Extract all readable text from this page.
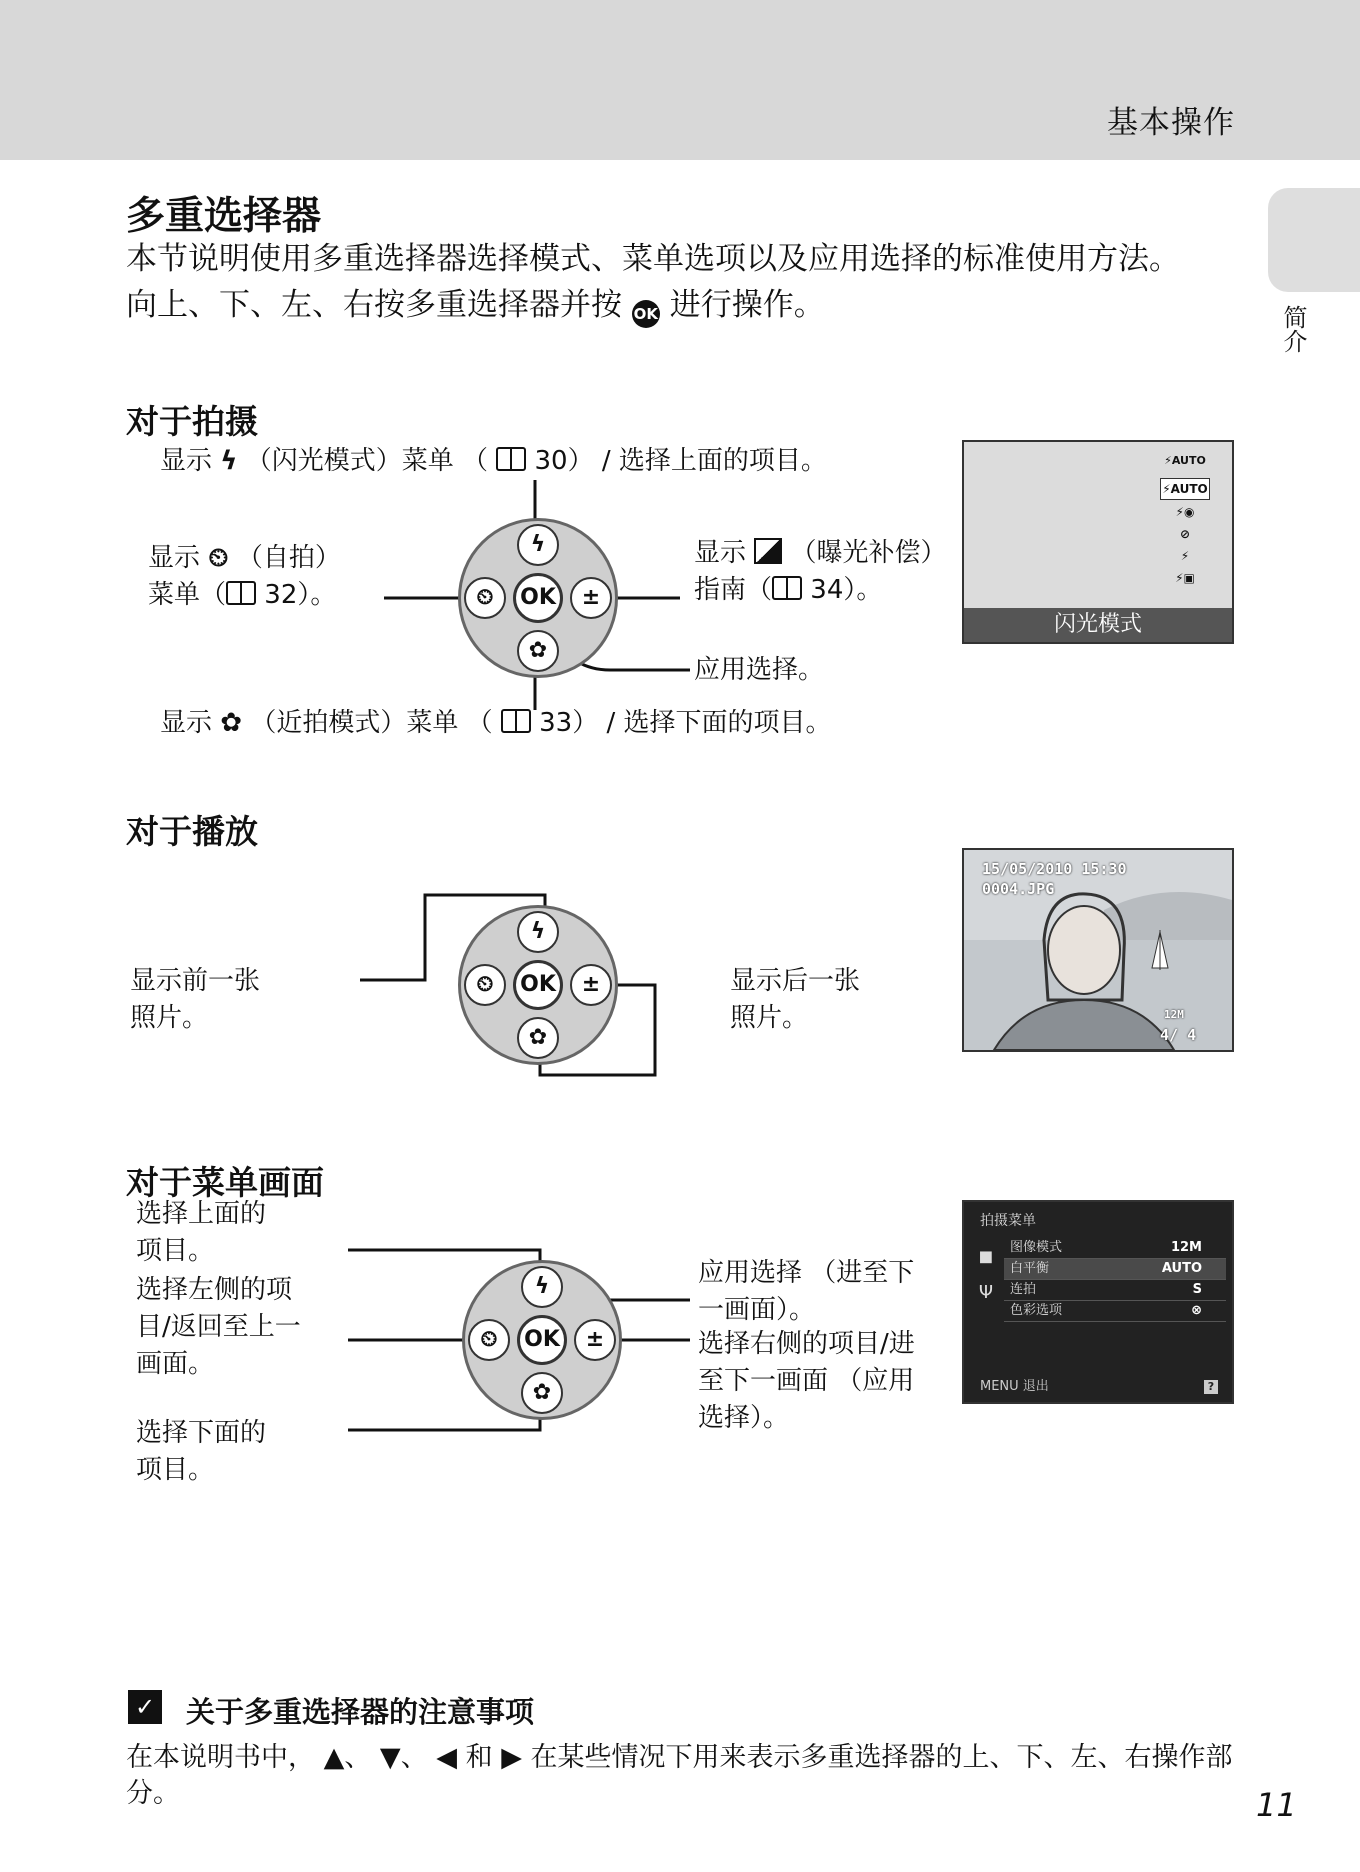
基本操作
简介
多重选择器

本节说明使用多重选择器选择模式、菜单选项以及应用选择的标准使用方法。

向上、下、左、右按多重选择器并按 OK 进行操作。

对于拍摄
显示 ϟ （闪光模式）菜单 （ 30） / 选择上面的项目。
显示 ⏲ （自拍）
菜单（ 32）。
显示 （曝光补偿）
指南（ 34）。
应用选择。
显示 ✿ （近拍模式）菜单 （ 33） / 选择下面的项目。
ϟ
⏲	±
✿
OK
⚡AUTO
⚡AUTO
⚡◉
⊘
⚡
⚡▣
闪光模式
对于播放
显示前一张
照片。
显示后一张
照片。
ϟ
⏲	±
✿
OK
15/05/2010 15:30
0004.JPG
12M
4/ 4
对于菜单画面
选择上面的
项目。
选择左侧的项
目/返回至上一
画面。
选择下面的
项目。
应用选择 （进至下
一画面）。
选择右侧的项目/进
至下一画面 （应用
选择）。
ϟ
⏲	±
✿
OK
拍摄菜单
◼
Ψ
图像模式	12M
白平衡	AUTO
连拍	S
色彩选项	⊗
MENU 退出	?
✓ 关于多重选择器的注意事项
在本说明书中， ▲、 ▼、 ◀ 和 ▶ 在某些情况下用来表示多重选择器的上、下、左、右操作部分。	11
